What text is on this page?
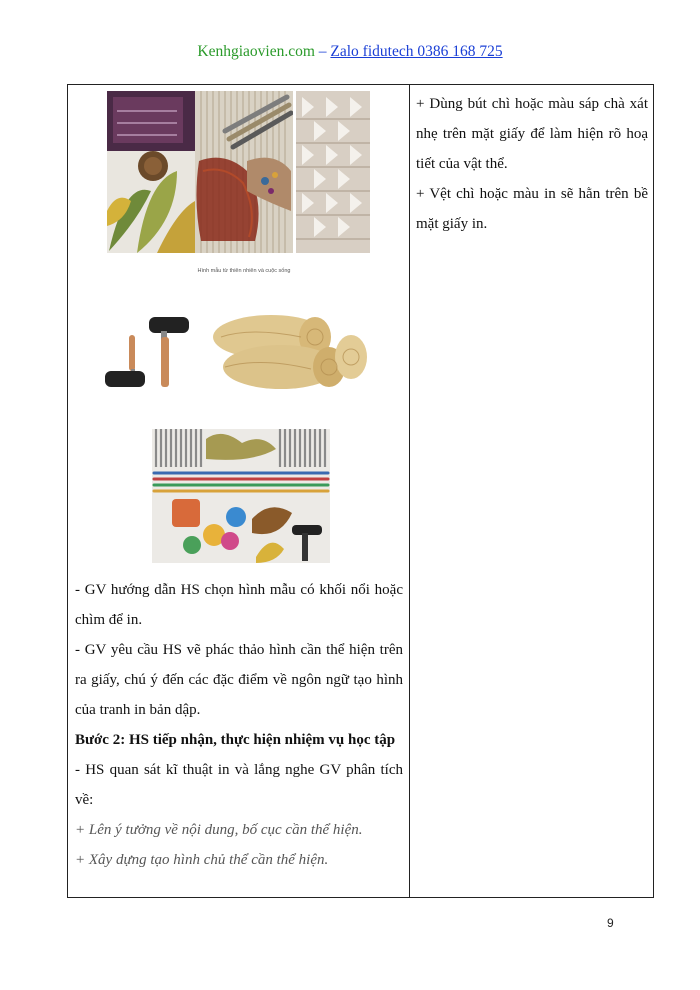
Kenhgiaovien.com – Zalo fidutech 0386 168 725
Hình mẫu từ thiên nhiên và cuộc sống

- GV hướng dẫn HS chọn hình mẫu có khối nổi hoặc chìm để in.

- GV yêu cầu HS vẽ phác thảo hình cần thể hiện trên ra giấy, chú ý đến các đặc điểm về ngôn ngữ tạo hình của tranh in bản dập.

Bước 2: HS tiếp nhận, thực hiện nhiệm vụ học tập

- HS quan sát kĩ thuật in và lắng nghe GV phân tích về:

+ Lên ý tưởng về nội dung, bố cục cần thể hiện.

+ Xây dựng tạo hình chủ thể cần thể hiện.

+ Dùng bút chì hoặc màu sáp chà xát nhẹ trên mặt giấy để làm hiện rõ hoạ tiết của vật thể.

+ Vệt chì hoặc màu in sẽ hằn trên bề mặt giấy in.

9
